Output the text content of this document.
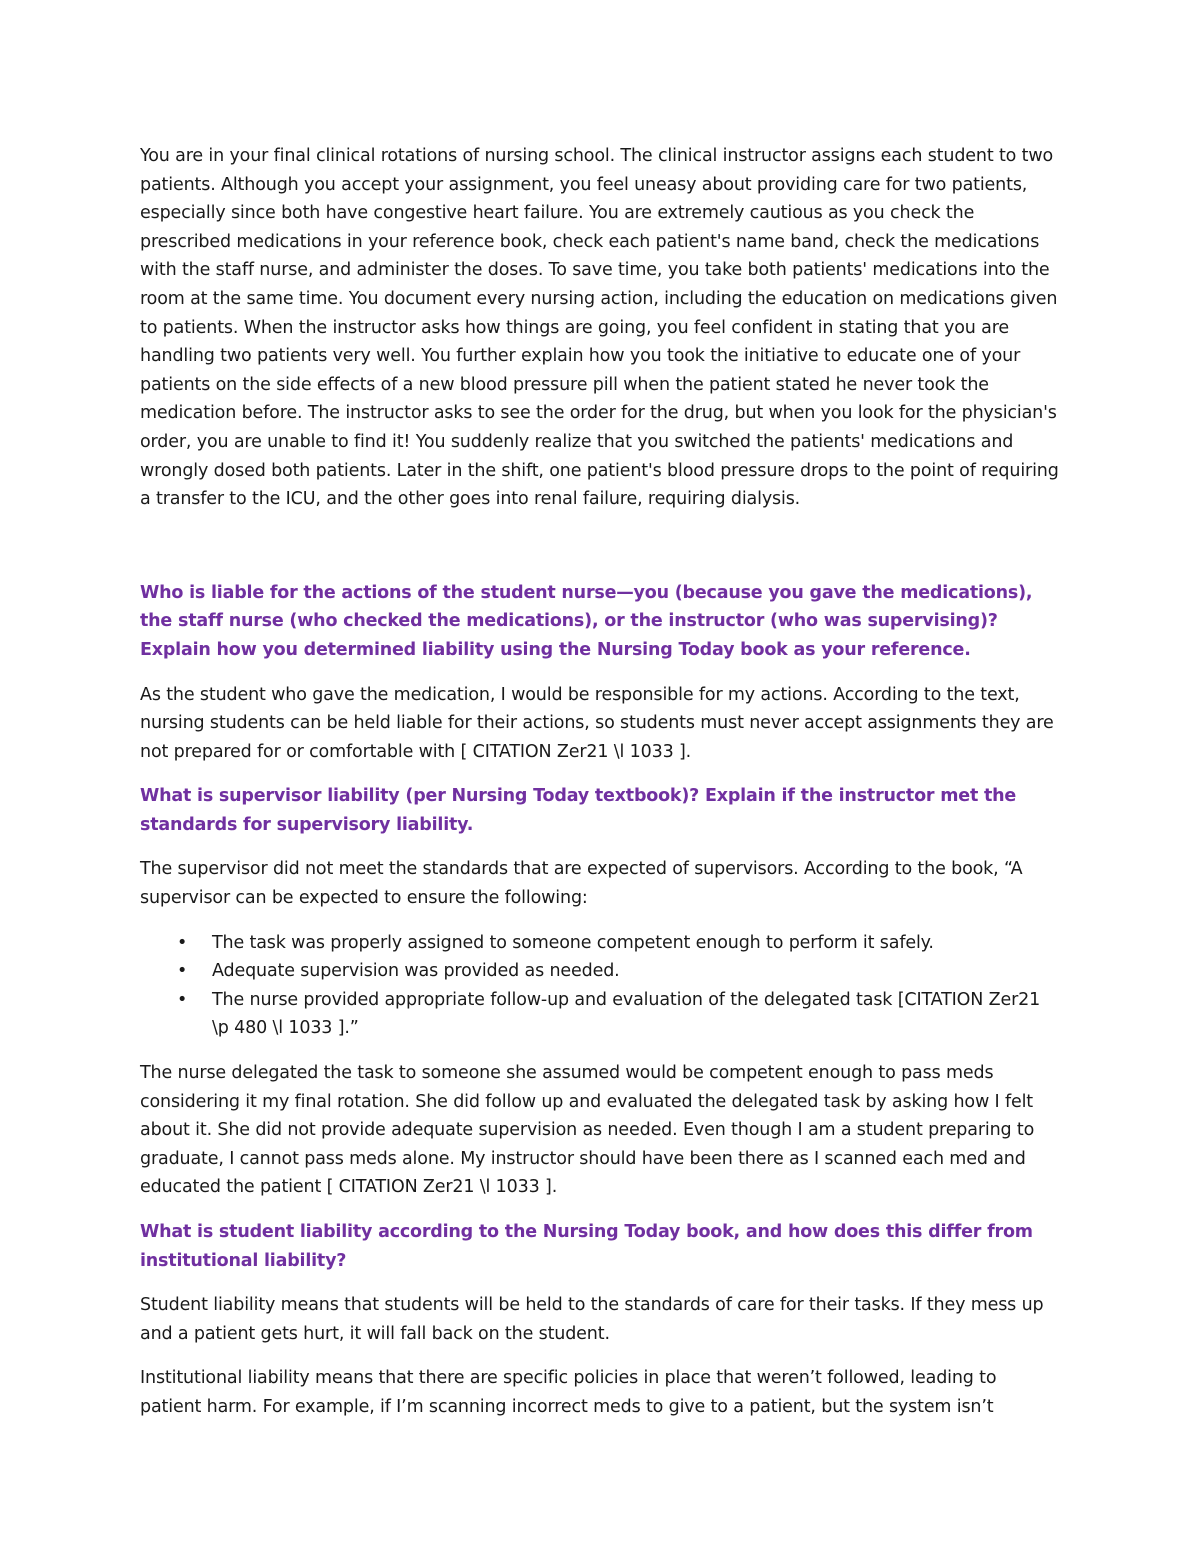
You are in your final clinical rotations of nursing school. The clinical instructor assigns each student to two patients. Although you accept your assignment, you feel uneasy about providing care for two patients, especially since both have congestive heart failure. You are extremely cautious as you check the prescribed medications in your reference book, check each patient's name band, check the medications with the staff nurse, and administer the doses. To save time, you take both patients' medications into the room at the same time. You document every nursing action, including the education on medications given to patients. When the instructor asks how things are going, you feel confident in stating that you are handling two patients very well. You further explain how you took the initiative to educate one of your patients on the side effects of a new blood pressure pill when the patient stated he never took the medication before. The instructor asks to see the order for the drug, but when you look for the physician's order, you are unable to find it! You suddenly realize that you switched the patients' medications and wrongly dosed both patients. Later in the shift, one patient's blood pressure drops to the point of requiring a transfer to the ICU, and the other goes into renal failure, requiring dialysis.

Who is liable for the actions of the student nurse—you (because you gave the medications), the staff nurse (who checked the medications), or the instructor (who was supervising)? Explain how you determined liability using the Nursing Today book as your reference.

As the student who gave the medication, I would be responsible for my actions. According to the text, nursing students can be held liable for their actions, so students must never accept assignments they are not prepared for or comfortable with [ CITATION Zer21 \l 1033 ].

What is supervisor liability (per Nursing Today textbook)? Explain if the instructor met the standards for supervisory liability.

The supervisor did not meet the standards that are expected of supervisors. According to the book, “A supervisor can be expected to ensure the following:

• The task was properly assigned to someone competent enough to perform it safely.
• Adequate supervision was provided as needed.
• The nurse provided appropriate follow-up and evaluation of the delegated task [CITATION Zer21 \p 480 \l 1033 ].”

The nurse delegated the task to someone she assumed would be competent enough to pass meds considering it my final rotation. She did follow up and evaluated the delegated task by asking how I felt about it. She did not provide adequate supervision as needed. Even though I am a student preparing to graduate, I cannot pass meds alone. My instructor should have been there as I scanned each med and educated the patient [ CITATION Zer21 \l 1033 ].

What is student liability according to the Nursing Today book, and how does this differ from institutional liability?

Student liability means that students will be held to the standards of care for their tasks. If they mess up and a patient gets hurt, it will fall back on the student.

Institutional liability means that there are specific policies in place that weren’t followed, leading to patient harm. For example, if I’m scanning incorrect meds to give to a patient, but the system isn’t
